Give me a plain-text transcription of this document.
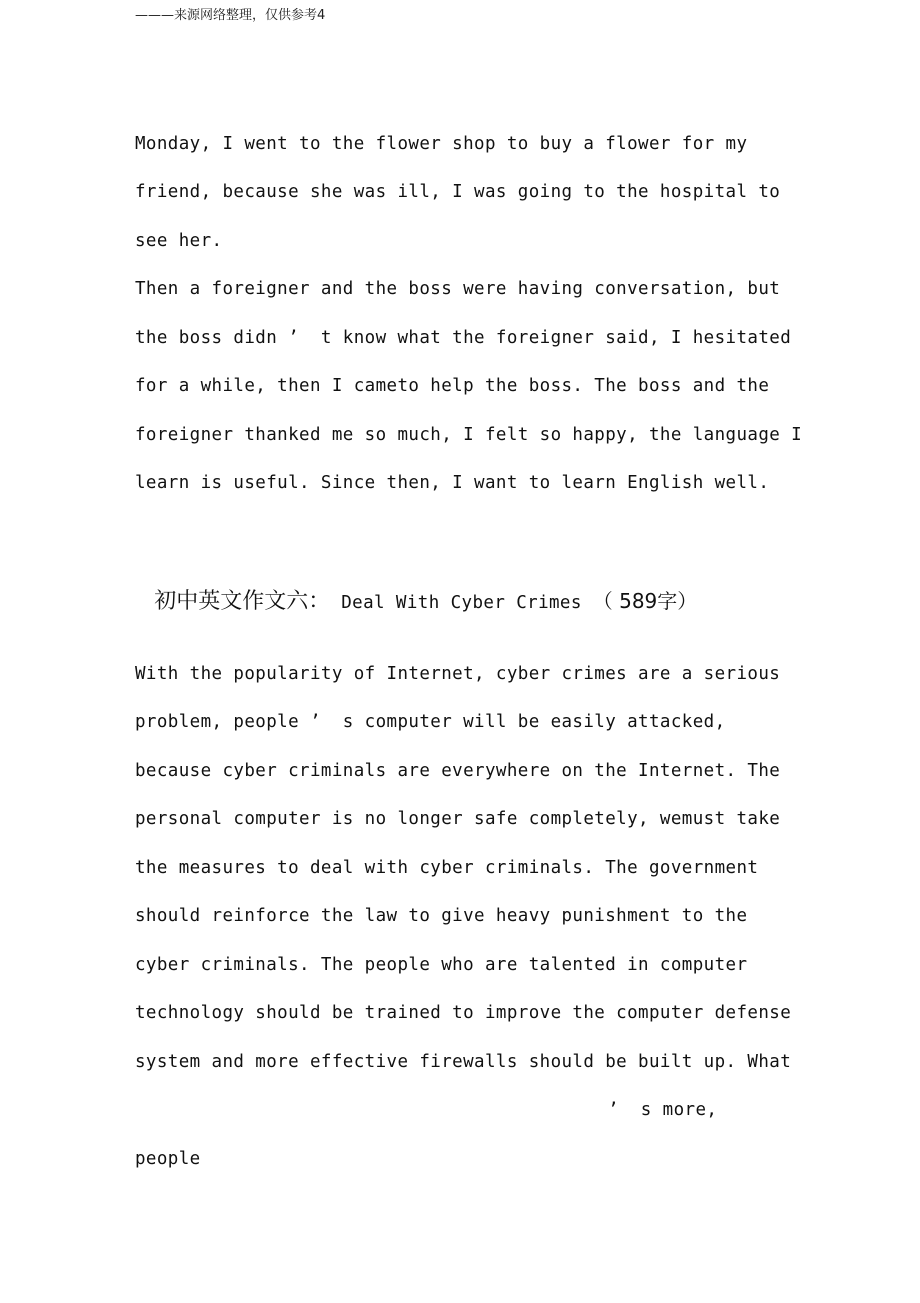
———来源网络整理，仅供参考4
Monday, I went to the flower shop to buy a flower for my
friend, because she was ill, I was going to the hospital to
see her.
Then a foreigner and the boss were having conversation, but
the boss didn ’  t know what the foreigner said, I hesitated
for a while, then I cameto help the boss. The boss and the
foreigner thanked me so much, I felt so happy, the language I
learn is useful. Since then, I want to learn English well.

初中英文作文六： Deal With Cyber Crimes （ 589字）

With the popularity of Internet, cyber crimes are a serious
problem, people ’  s computer will be easily attacked,
because cyber criminals are everywhere on the Internet. The
personal computer is no longer safe completely, wemust take
the measures to deal with cyber criminals. The government
should reinforce the law to give heavy punishment to the
cyber criminals. The people who are talented in computer
technology should be trained to improve the computer defense
system and more effective firewalls should be built up. What
’  s more,
people
